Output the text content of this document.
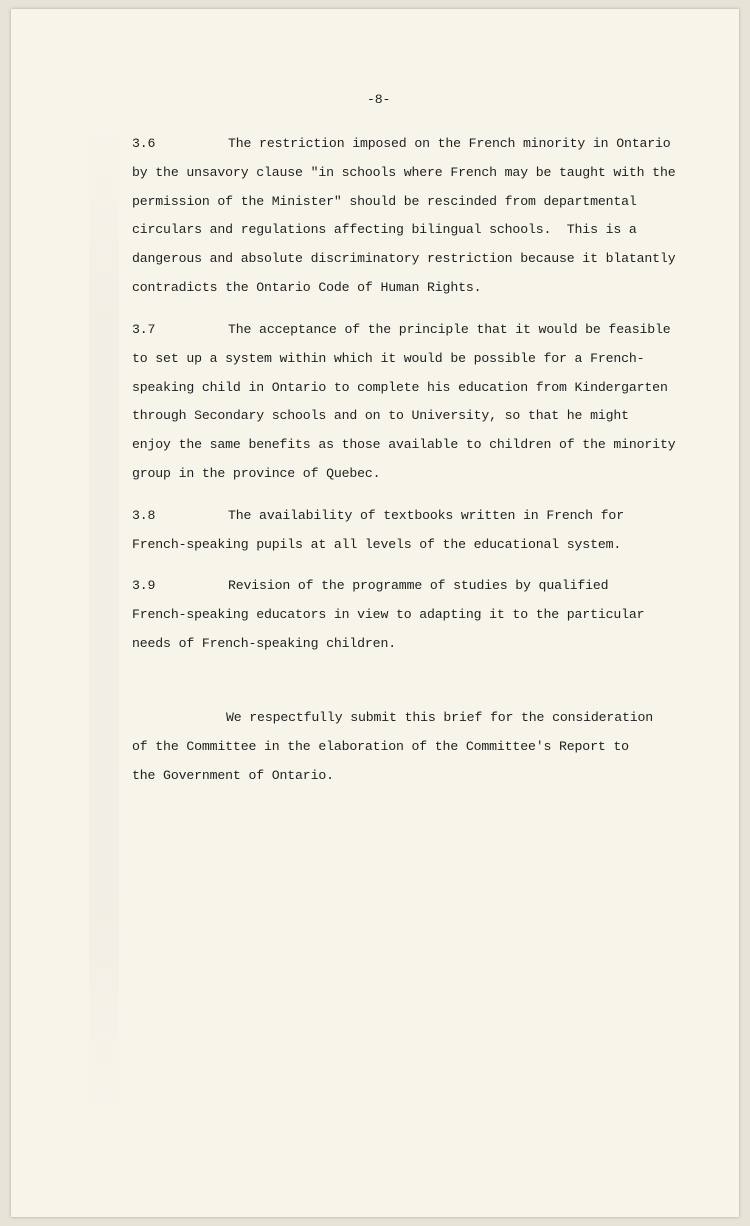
-8-
3.6	The restriction imposed on the French minority in Ontario
by the unsavory clause "in schools where French may be taught with the
permission of the Minister" should be rescinded from departmental
circulars and regulations affecting bilingual schools.  This is a
dangerous and absolute discriminatory restriction because it blatantly
contradicts the Ontario Code of Human Rights.
3.7	The acceptance of the principle that it would be feasible
to set up a system within which it would be possible for a French-
speaking child in Ontario to complete his education from Kindergarten
through Secondary schools and on to University, so that he might
enjoy the same benefits as those available to children of the minority
group in the province of Quebec.
3.8	The availability of textbooks written in French for
French-speaking pupils at all levels of the educational system.
3.9	Revision of the programme of studies by qualified
French-speaking educators in view to adapting it to the particular
needs of French-speaking children.
We respectfully submit this brief for the consideration
of the Committee in the elaboration of the Committee's Report to
the Government of Ontario.
